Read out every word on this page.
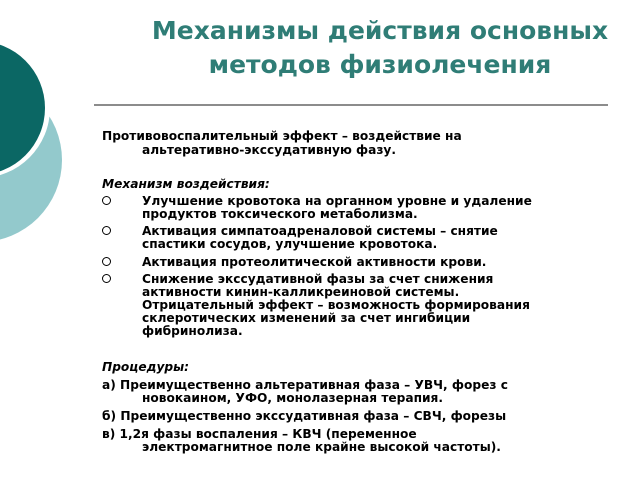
Механизмы действия основных
методов физиолечения

Противовоспалительный эффект – воздействие на

альтеративно-экссудативную фазу.

Механизм воздействия:

Улучшение кровотока на органном уровне и удаление

продуктов токсического метаболизма.

Активация симпатоадреналовой системы – снятие

спастики сосудов, улучшение кровотока.

Активация протеолитической активности крови.

Снижение экссудативной фазы за счет снижения

активности кинин-калликреиновой системы.

Отрицательный эффект – возможность формирования

склеротических изменений за счет ингибиции

фибринолиза.

Процедуры:

а) Преимущественно альтеративная фаза – УВЧ, форез с

новокаином, УФО, монолазерная терапия.

б) Преимущественно экссудативная фаза – СВЧ, форезы

в) 1,2я фазы воспаления – КВЧ (переменное

электромагнитное поле крайне высокой частоты).
